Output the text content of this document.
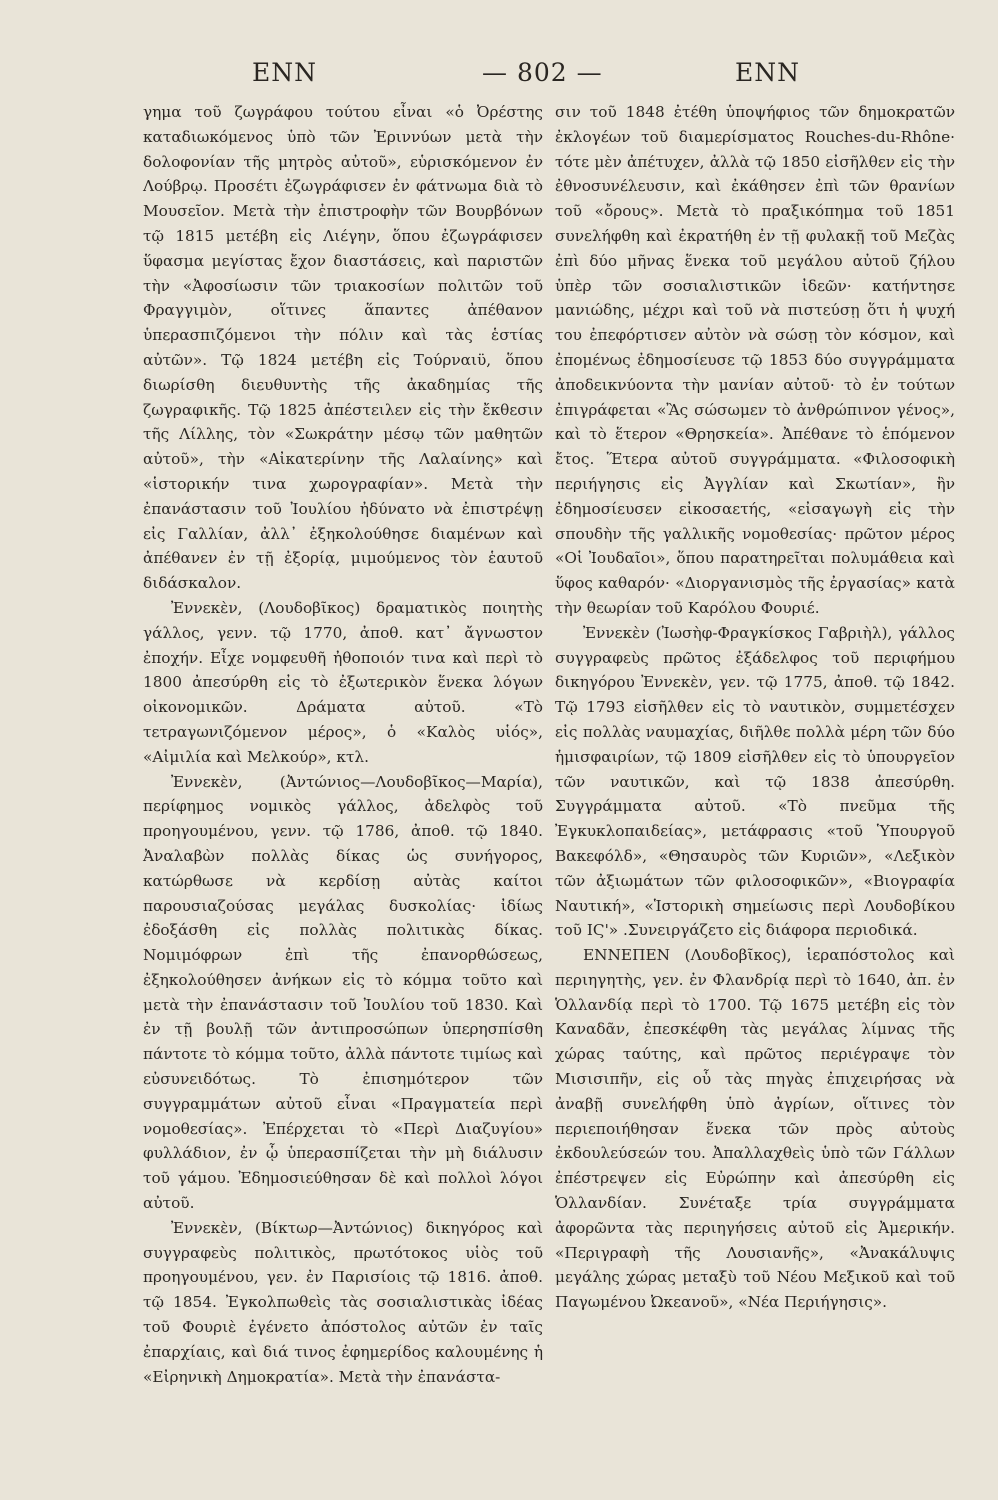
ENN	— 802 —	ENN

γημα τοῦ ζωγράφου τούτου εἶναι «ὁ Ὀρέστης καταδιωκόμενος ὑπὸ τῶν Ἐριννύων μετὰ τὴν δολοφονίαν τῆς μητρὸς αὐτοῦ», εὑρισκόμενον ἐν Λούβρῳ. Προσέτι ἐζωγράφισεν ἐν φάτνωμα διὰ τὸ Μουσεῖον. Μετὰ τὴν ἐπιστροφὴν τῶν Βουρβόνων τῷ 1815 μετέβη εἰς Λιέγην, ὅπου ἐζωγράφισεν ὕφασμα μεγίστας ἔχον διαστάσεις, καὶ παριστῶν τὴν «Ἀφοσίωσιν τῶν τριακοσίων πολιτῶν τοῦ Φραγγιμὸν, οἵτινες ἅπαντες ἀπέθανον ὑπερασπιζόμενοι τὴν πόλιν καὶ τὰς ἑστίας αὐτῶν». Τῷ 1824 μετέβη εἰς Τούρναιϋ, ὅπου διωρίσθη διευθυντὴς τῆς ἀκαδημίας τῆς ζωγραφικῆς. Τῷ 1825 ἀπέστειλεν εἰς τὴν ἔκθεσιν τῆς Λίλλης, τὸν «Σωκράτην μέσῳ τῶν μαθητῶν αὐτοῦ», τὴν «Αἰκατερίνην τῆς Λαλαίνης» καὶ «ἱστορικήν τινα χωρογραφίαν». Μετὰ τὴν ἐπανάστασιν τοῦ Ἰουλίου ἠδύνατο νὰ ἐπιστρέψῃ εἰς Γαλλίαν, ἀλλ᾽ ἐξηκολούθησε διαμένων καὶ ἀπέθανεν ἐν τῇ ἐξορίᾳ, μιμούμενος τὸν ἑαυτοῦ διδάσκαλον.

Ἐννεκὲν, (Λουδοβῖκος) δραματικὸς ποιητὴς γάλλος, γενν. τῷ 1770, ἀποθ. κατ᾽ ἄγνωστον ἐποχήν. Εἶχε νομφευθῆ ἠθοποιόν τινα καὶ περὶ τὸ 1800 ἀπεσύρθη εἰς τὸ ἐξωτερικὸν ἕνεκα λόγων οἰκονομικῶν. Δράματα αὐτοῦ. «Τὸ τετραγωνιζόμενον μέρος», ὁ «Καλὸς υἱός», «Αἰμιλία καὶ Μελκούρ», κτλ.

Ἐννεκὲν, (Ἀντώνιος—Λουδοβῖκος—Μαρία), περίφημος νομικὸς γάλλος, ἀδελφὸς τοῦ προηγουμένου, γενν. τῷ 1786, ἀποθ. τῷ 1840. Ἀναλαβὼν πολλὰς δίκας ὡς συνήγορος, κατώρθωσε νὰ κερδίσῃ αὐτὰς καίτοι παρουσιαζούσας μεγάλας δυσκολίας· ἰδίως ἐδοξάσθη εἰς πολλὰς πολιτικὰς δίκας. Νομιμόφρων ἐπὶ τῆς ἐπανορθώσεως, ἐξηκολούθησεν ἀνήκων εἰς τὸ κόμμα τοῦτο καὶ μετὰ τὴν ἐπανάστασιν τοῦ Ἰουλίου τοῦ 1830. Καὶ ἐν τῇ βουλῇ τῶν ἀντιπροσώπων ὑπερησπίσθη πάντοτε τὸ κόμμα τοῦτο, ἀλλὰ πάντοτε τιμίως καὶ εὐσυνειδότως. Τὸ ἐπισημότερον τῶν συγγραμμάτων αὐτοῦ εἶναι «Πραγματεία περὶ νομοθεσίας». Ἐπέρχεται τὸ «Περὶ Διαζυγίου» φυλλάδιον, ἐν ᾧ ὑπερασπίζεται τὴν μὴ διάλυσιν τοῦ γάμου. Ἐδημοσιεύθησαν δὲ καὶ πολλοὶ λόγοι αὐτοῦ.

Ἐννεκὲν, (Βίκτωρ—Ἀντώνιος) δικηγόρος καὶ συγγραφεὺς πολιτικὸς, πρωτότοκος υἱὸς τοῦ προηγουμένου, γεν. ἐν Παρισίοις τῷ 1816. ἀποθ. τῷ 1854. Ἐγκολπωθεὶς τὰς σοσιαλιστικὰς ἰδέας τοῦ Φουριὲ ἐγένετο ἀπόστολος αὐτῶν ἐν ταῖς ἐπαρχίαις, καὶ διά τινος ἐφημερίδος καλουμένης ἡ «Εἰρηνικὴ Δημοκρατία». Μετὰ τὴν ἐπανάστα-

σιν τοῦ 1848 ἐτέθη ὑποψήφιος τῶν δημοκρατῶν ἐκλογέων τοῦ διαμερίσματος Rouches-du-Rhône· τότε μὲν ἀπέτυχεν, ἀλλὰ τῷ 1850 εἰσῆλθεν εἰς τὴν ἐθνοσυνέλευσιν, καὶ ἐκάθησεν ἐπὶ τῶν θρανίων τοῦ «ὄρους». Μετὰ τὸ πραξικόπημα τοῦ 1851 συνελήφθη καὶ ἐκρατήθη ἐν τῇ φυλακῇ τοῦ Μεζὰς ἐπὶ δύο μῆνας ἕνεκα τοῦ μεγάλου αὐτοῦ ζήλου ὑπὲρ τῶν σοσιαλιστικῶν ἰδεῶν· κατήντησε μανιώδης, μέχρι καὶ τοῦ νὰ πιστεύσῃ ὅτι ἡ ψυχή του ἐπεφόρτισεν αὐτὸν νὰ σώσῃ τὸν κόσμον, καὶ ἐπομένως ἐδημοσίευσε τῷ 1853 δύο συγγράμματα ἀποδεικνύοντα τὴν μανίαν αὐτοῦ· τὸ ἐν τούτων ἐπιγράφεται «Ἂς σώσωμεν τὸ ἀνθρώπινον γένος», καὶ τὸ ἕτερον «Θρησκεία». Ἀπέθανε τὸ ἑπόμενον ἔτος. Ἕτερα αὐτοῦ συγγράμματα. «Φιλοσοφικὴ περιήγησις εἰς Ἀγγλίαν καὶ Σκωτίαν», ἣν ἐδημοσίευσεν εἰκοσαετής, «εἰσαγωγὴ εἰς τὴν σπουδὴν τῆς γαλλικῆς νομοθεσίας· πρῶτον μέρος «Οἱ Ἰουδαῖοι», ὅπου παρατηρεῖται πολυμάθεια καὶ ὕφος καθαρόν· «Διοργανισμὸς τῆς ἐργασίας» κατὰ τὴν θεωρίαν τοῦ Καρόλου Φουριέ.

Ἐννεκὲν (Ἰωσὴφ-Φραγκίσκος Γαβριὴλ), γάλλος συγγραφεὺς πρῶτος ἐξάδελφος τοῦ περιφήμου δικηγόρου Ἐννεκὲν, γεν. τῷ 1775, ἀποθ. τῷ 1842. Τῷ 1793 εἰσῆλθεν εἰς τὸ ναυτικὸν, συμμετέσχεν εἰς πολλὰς ναυμαχίας, διῆλθε πολλὰ μέρη τῶν δύο ἡμισφαιρίων, τῷ 1809 εἰσῆλθεν εἰς τὸ ὑπουργεῖον τῶν ναυτικῶν, καὶ τῷ 1838 ἀπεσύρθη. Συγγράμματα αὐτοῦ. «Τὸ πνεῦμα τῆς Ἐγκυκλοπαιδείας», μετάφρασις «τοῦ Ὑπουργοῦ Βακεφόλδ», «Θησαυρὸς τῶν Κυριῶν», «Λεξικὸν τῶν ἀξιωμάτων τῶν φιλοσοφικῶν», «Βιογραφία Ναυτική», «Ἱστορικὴ σημείωσις περὶ Λουδοβίκου τοῦ ΙϚ'» .Συνειργάζετο εἰς διάφορα περιοδικά.

ΕΝΝΕΠΕΝ (Λουδοβῖκος), ἱεραπόστολος καὶ περιηγητὴς, γεν. ἐν Φλανδρίᾳ περὶ τὸ 1640, ἀπ. ἐν Ὁλλανδίᾳ περὶ τὸ 1700. Τῷ 1675 μετέβη εἰς τὸν Καναδᾶν, ἐπεσκέφθη τὰς μεγάλας λίμνας τῆς χώρας ταύτης, καὶ πρῶτος περιέγραψε τὸν Μισισιπῆν, εἰς οὗ τὰς πηγὰς ἐπιχειρήσας νὰ ἀναβῇ συνελήφθη ὑπὸ ἀγρίων, οἵτινες τὸν περιεποιήθησαν ἕνεκα τῶν πρὸς αὐτοὺς ἐκδουλεύσεών του. Ἀπαλλαχθεὶς ὑπὸ τῶν Γάλλων ἐπέστρεψεν εἰς Εὐρώπην καὶ ἀπεσύρθη εἰς Ὁλλανδίαν. Συνέταξε τρία συγγράμματα ἀφορῶντα τὰς περιηγήσεις αὐτοῦ εἰς Ἀμερικήν. «Περιγραφὴ τῆς Λουσιανῆς», «Ἀνακάλυψις μεγάλης χώρας μεταξὺ τοῦ Νέου Μεξικοῦ καὶ τοῦ Παγωμένου Ὠκεανοῦ», «Νέα Περιήγησις».
